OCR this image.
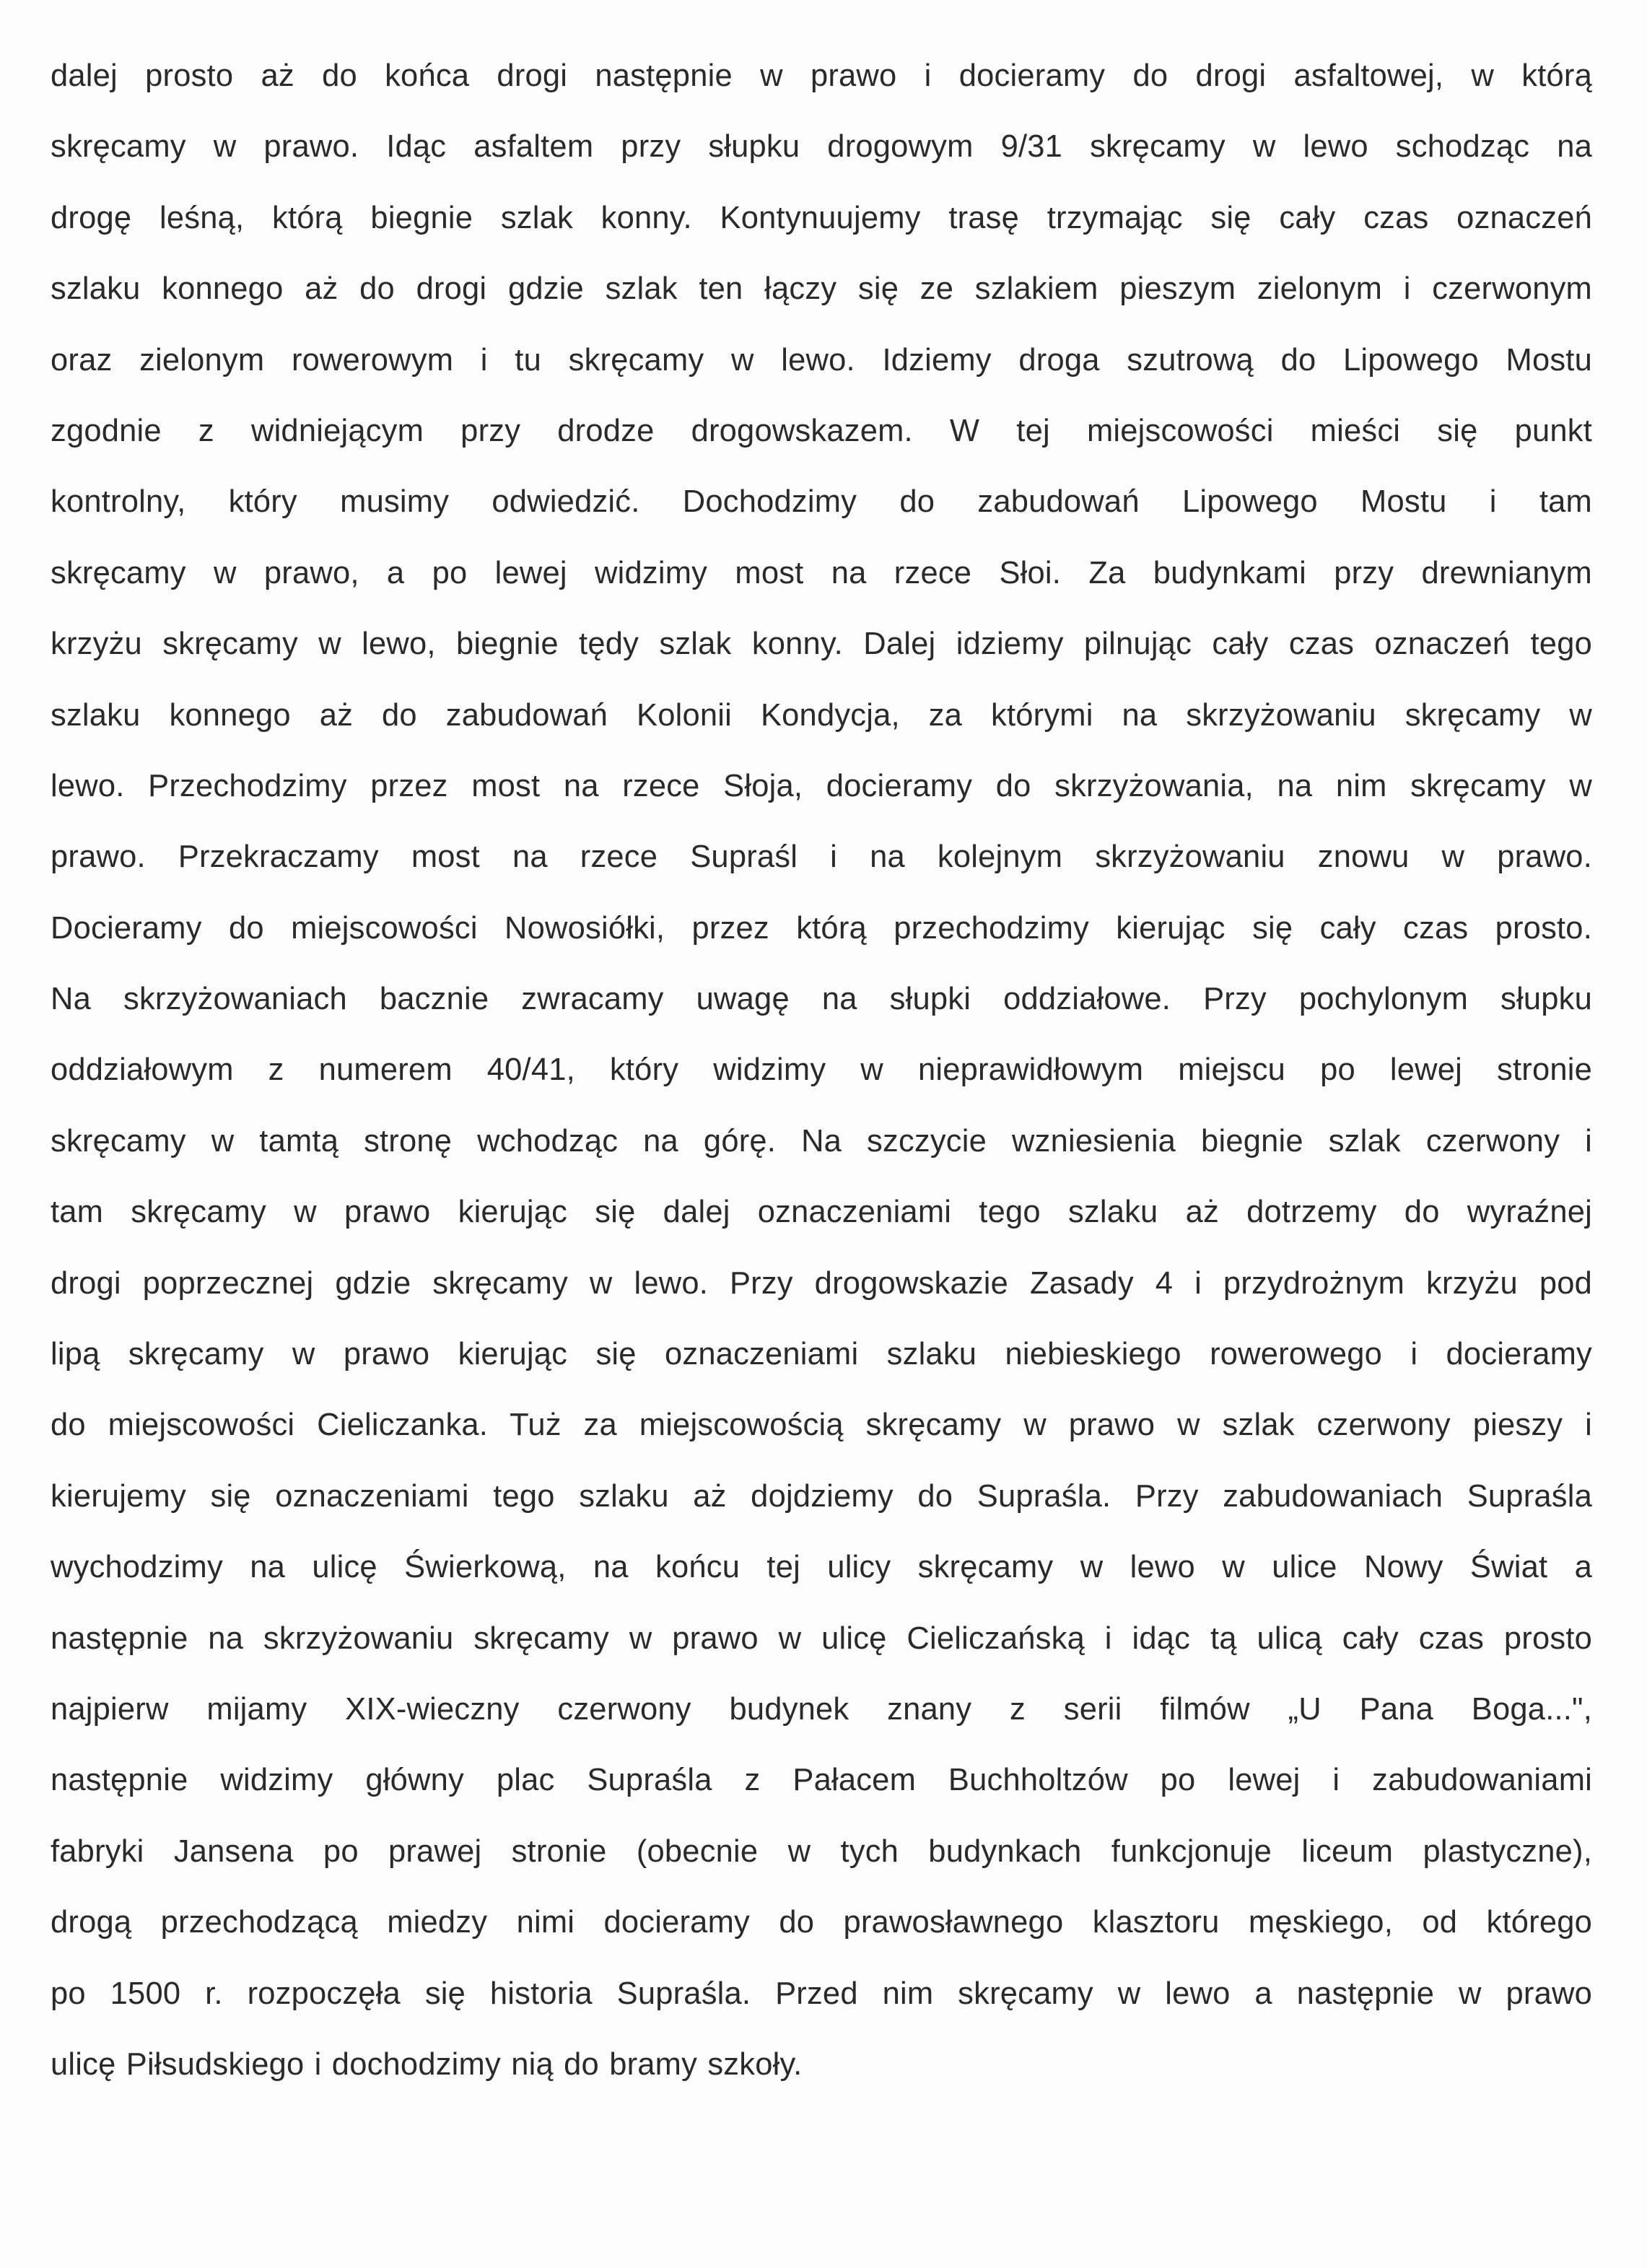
dalej prosto aż do końca drogi następnie w prawo i docieramy do drogi asfaltowej, w którą
skręcamy w prawo. Idąc asfaltem przy słupku drogowym 9/31 skręcamy w lewo schodząc na
drogę leśną, którą biegnie szlak konny. Kontynuujemy trasę trzymając się cały czas oznaczeń
szlaku konnego aż do drogi gdzie szlak ten łączy się ze szlakiem pieszym zielonym i czerwonym
oraz zielonym rowerowym i tu skręcamy w lewo. Idziemy droga szutrową do Lipowego Mostu
zgodnie z widniejącym przy drodze drogowskazem. W tej miejscowości mieści się punkt
kontrolny, który musimy odwiedzić. Dochodzimy do zabudowań Lipowego Mostu i tam
skręcamy w prawo, a po lewej widzimy most na rzece Słoi. Za budynkami przy drewnianym
krzyżu skręcamy w lewo, biegnie tędy szlak konny. Dalej idziemy pilnując cały czas oznaczeń tego
szlaku konnego aż do zabudowań Kolonii Kondycja, za którymi na skrzyżowaniu skręcamy w
lewo. Przechodzimy przez most na rzece Słoja, docieramy do skrzyżowania, na nim skręcamy w
prawo. Przekraczamy most na rzece Supraśl i na kolejnym skrzyżowaniu znowu w prawo.
Docieramy do miejscowości Nowosiółki, przez którą przechodzimy kierując się cały czas prosto.
Na skrzyżowaniach bacznie zwracamy uwagę na słupki oddziałowe. Przy pochylonym słupku
oddziałowym z numerem 40/41, który widzimy w nieprawidłowym miejscu po lewej stronie
skręcamy w tamtą stronę wchodząc na górę. Na szczycie wzniesienia biegnie szlak czerwony i
tam skręcamy w prawo kierując się dalej oznaczeniami tego szlaku aż dotrzemy do wyraźnej
drogi poprzecznej gdzie skręcamy w lewo. Przy drogowskazie Zasady 4 i przydrożnym krzyżu pod
lipą skręcamy w prawo kierując się oznaczeniami szlaku niebieskiego rowerowego i docieramy
do miejscowości Cieliczanka. Tuż za miejscowością skręcamy w prawo w szlak czerwony pieszy i
kierujemy się oznaczeniami tego szlaku aż dojdziemy do Supraśla. Przy zabudowaniach Supraśla
wychodzimy na ulicę Świerkową, na końcu tej ulicy skręcamy w lewo w ulice Nowy Świat a
następnie na skrzyżowaniu skręcamy w prawo w ulicę Cieliczańską i idąc tą ulicą cały czas prosto
najpierw mijamy XIX-wieczny czerwony budynek znany z serii filmów „U Pana Boga...",
następnie widzimy główny plac Supraśla z Pałacem Buchholtzów po lewej i zabudowaniami
fabryki Jansena po prawej stronie (obecnie w tych budynkach funkcjonuje liceum plastyczne),
drogą przechodzącą miedzy nimi docieramy do prawosławnego klasztoru męskiego, od którego
po 1500 r. rozpoczęła się historia Supraśla. Przed nim skręcamy w lewo a następnie w prawo
ulicę Piłsudskiego i dochodzimy nią do bramy szkoły.
